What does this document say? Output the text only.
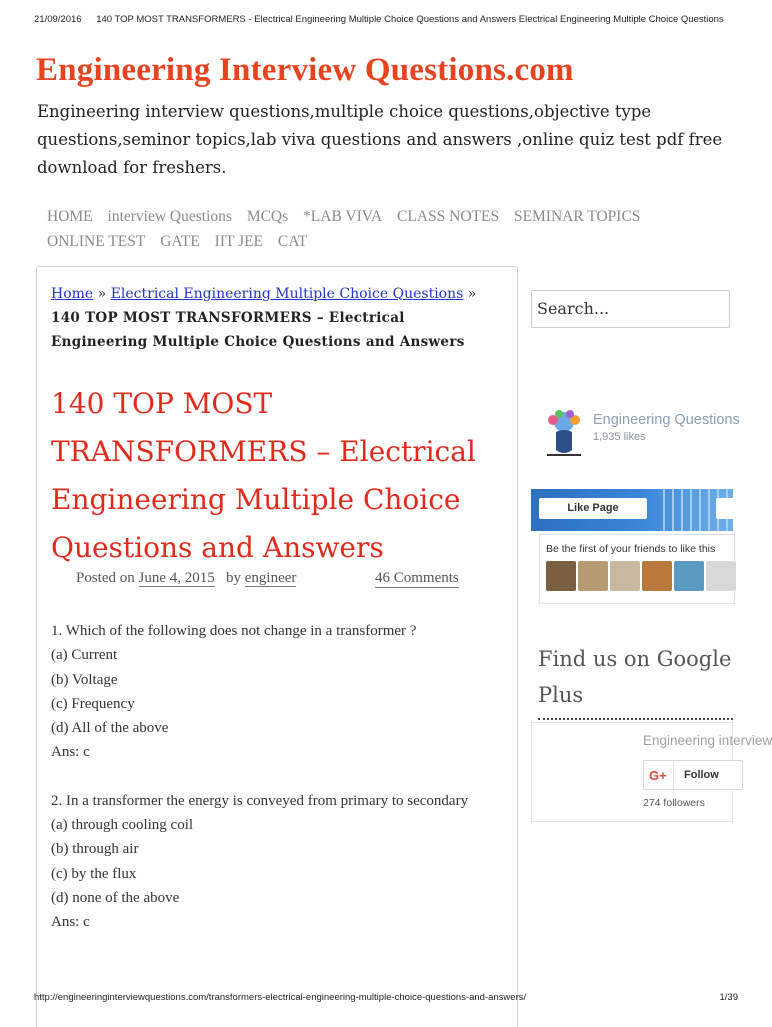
21/09/2016 140 TOP MOST TRANSFORMERS - Electrical Engineering Multiple Choice Questions and Answers Electrical Engineering Multiple Choice Questions
Engineering Interview Questions.com
Engineering interview questions,multiple choice questions,objective type questions,seminor topics,lab viva questions and answers ,online quiz test pdf free download for freshers.
HOME interview Questions MCQs *LAB VIVA CLASS NOTES SEMINAR TOPICS
ONLINE TEST GATE IIT JEE CAT
Home » Electrical Engineering Multiple Choice Questions »
140 TOP MOST TRANSFORMERS – Electrical Engineering Multiple Choice Questions and Answers
140 TOP MOST TRANSFORMERS – Electrical Engineering Multiple Choice Questions and Answers
Posted on June 4, 2015 by engineer	46 Comments
1. Which of the following does not change in a transformer ?
(a) Current
(b) Voltage
(c) Frequency
(d) All of the above
Ans: c
2. In a transformer the energy is conveyed from primary to secondary
(a) through cooling coil
(b) through air
(c) by the flux
(d) none of the above
Ans: c
Search...
Engineering Questions
1,935 likes
Like Page
Be the first of your friends to like this
Find us on Google Plus
Engineering interview
G+ Follow
274 followers
http://engineeringinterviewquestions.com/transformers-electrical-engineering-multiple-choice-questions-and-answers/	1/39
